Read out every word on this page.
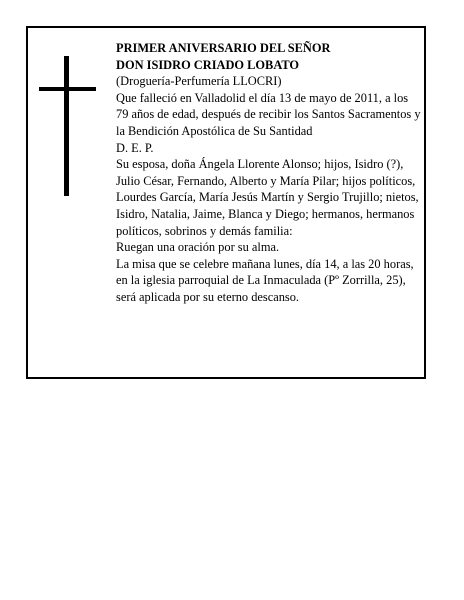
PRIMER ANIVERSARIO DEL SEÑOR

DON ISIDRO CRIADO LOBATO

(Droguería-Perfumería LLOCRI)

Que falleció en Valladolid el día 13 de mayo de 2011, a los 79 años de edad, después de recibir los Santos Sacramentos y la Bendición Apostólica de Su Santidad

D. E. P.

Su esposa, doña Ángela Llorente Alonso; hijos, Isidro (?), Julio César, Fernando, Alberto y María Pilar; hijos políticos, Lourdes García, María Jesús Martín y Sergio Trujillo; nietos, Isidro, Natalia, Jaime, Blanca y Diego; hermanos, hermanos políticos, sobrinos y demás familia:

Ruegan una oración por su alma.

La misa que se celebre mañana lunes, día 14, a las 20 horas, en la iglesia parroquial de La Inmaculada (Pº Zorrilla, 25), será aplicada por su eterno descanso.
